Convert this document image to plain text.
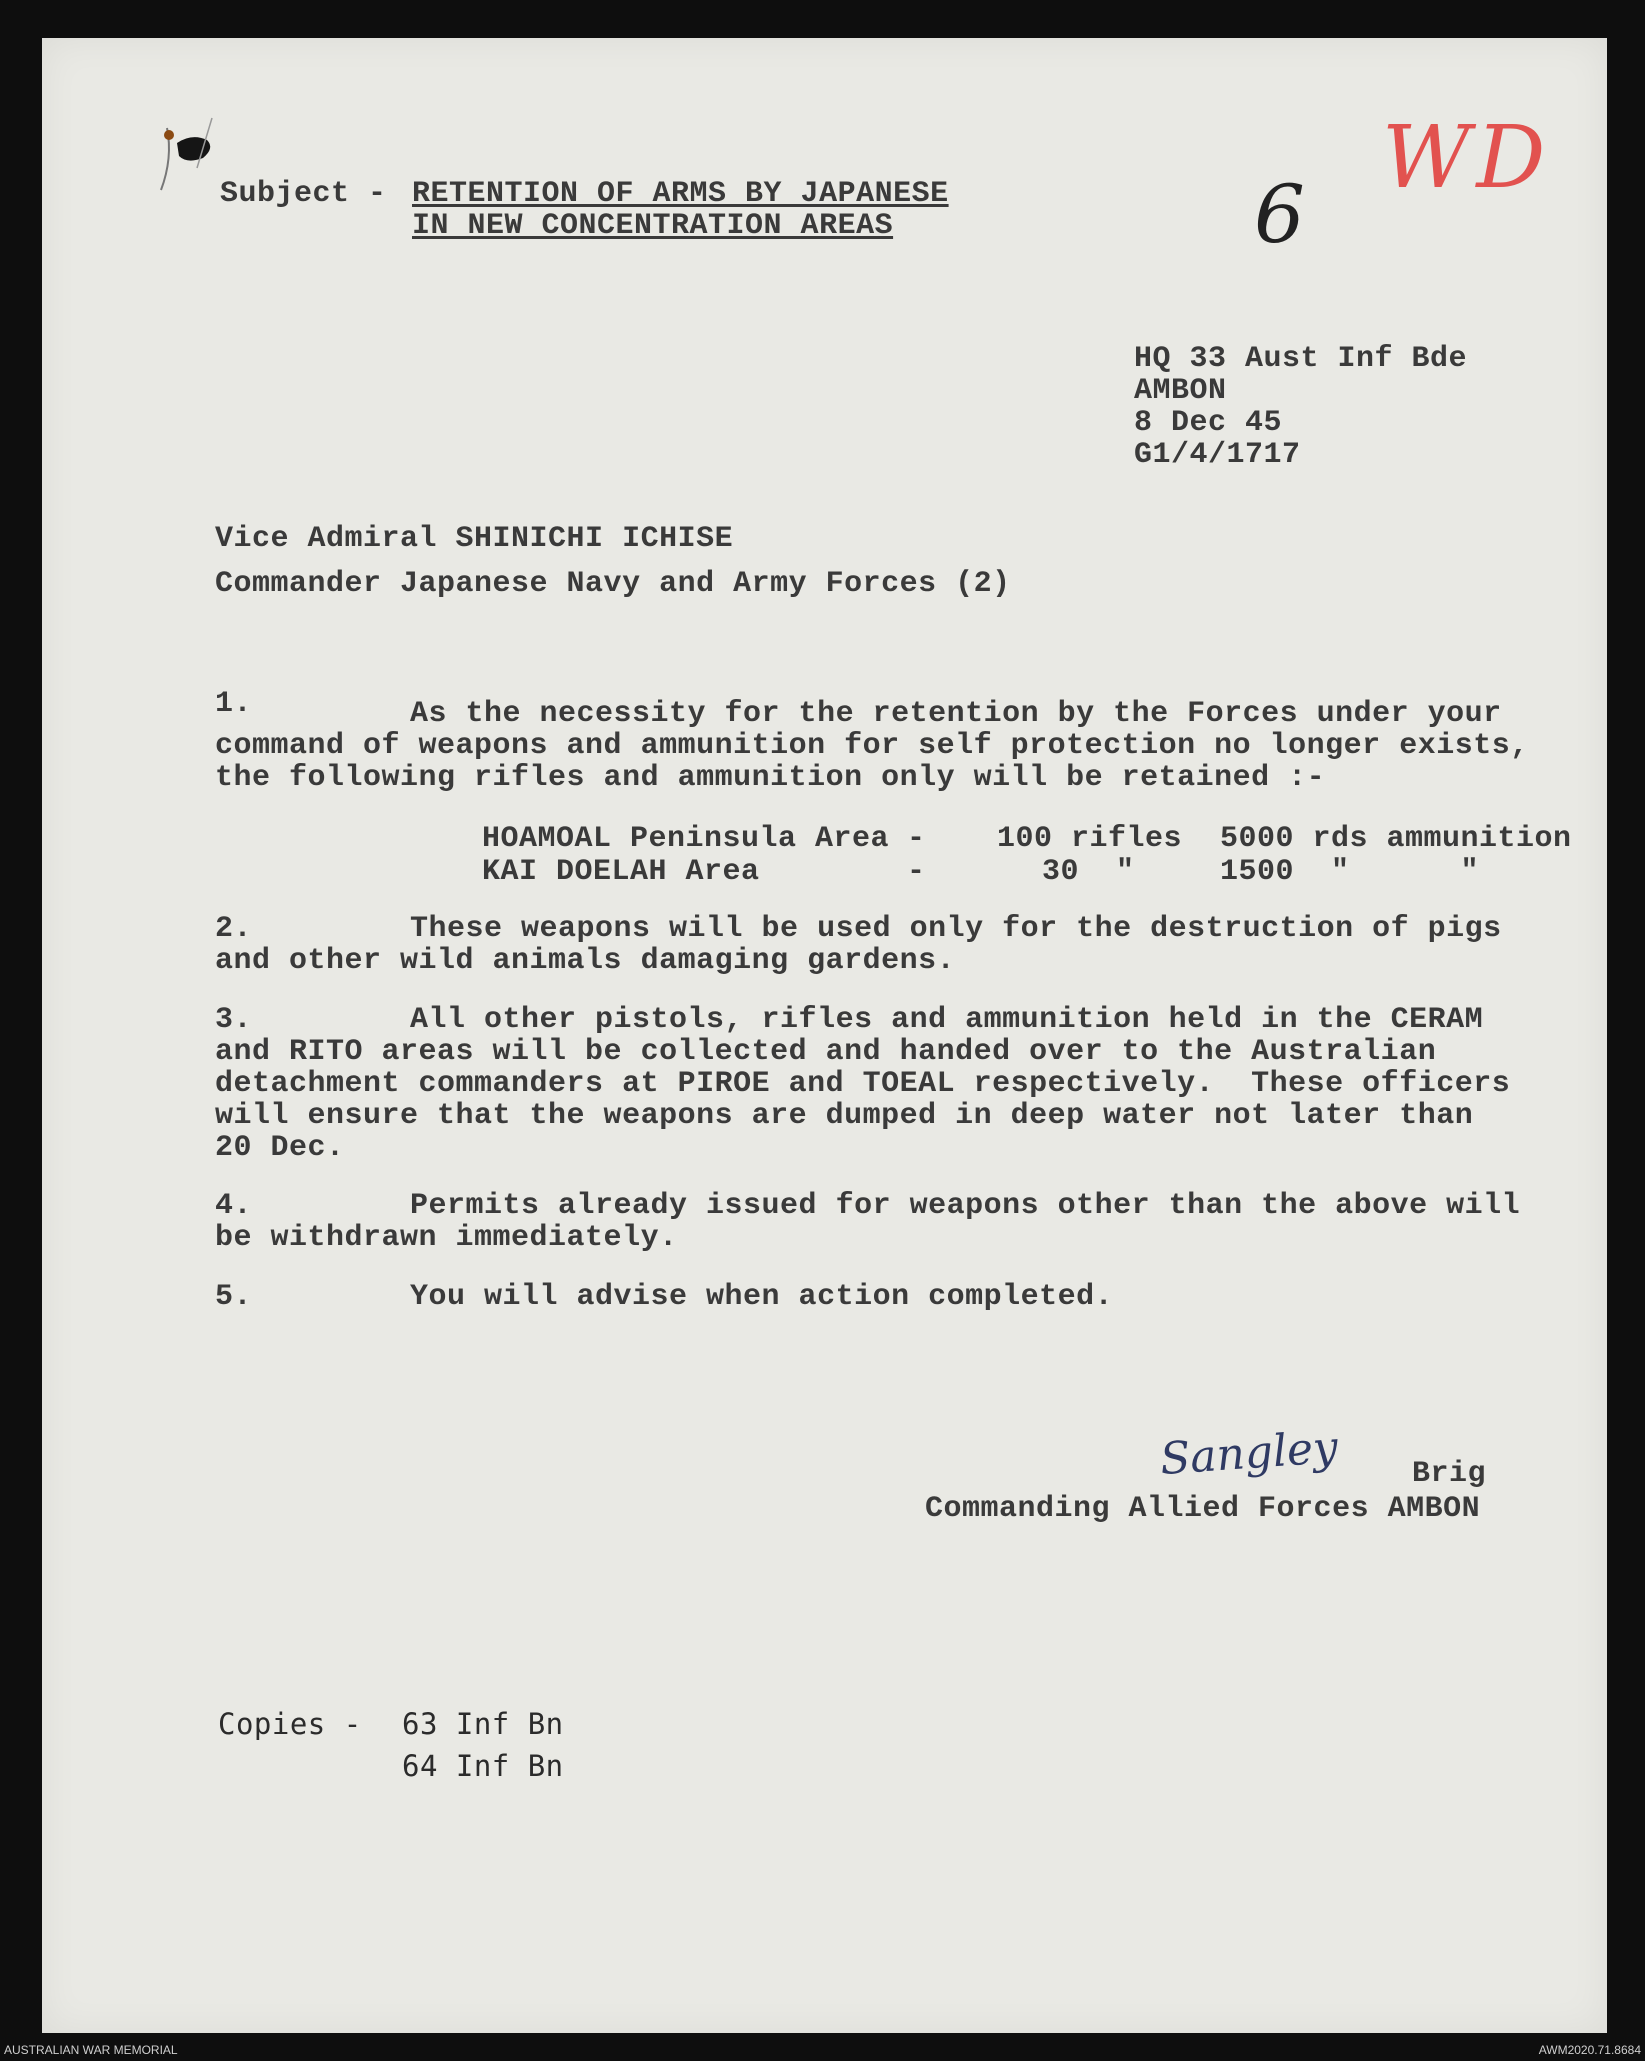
Subject - RETENTION OF ARMS BY JAPANESE
IN NEW CONCENTRATION AREAS	6
WD
HQ 33 Aust Inf Bde
AMBON
8 Dec 45
G1/4/1717
Vice Admiral SHINICHI ICHISE
Commander Japanese Navy and Army Forces (2)
1.	As the necessity for the retention by the Forces under your
command of weapons and ammunition for self protection no longer exists,
the following rifles and ammunition only will be retained :-
HOAMOAL Peninsula Area - 100 rifles 5000 rds ammunition
KAI DOELAH Area	-	30  "	1500  "      "
2.	These weapons will be used only for the destruction of pigs
and other wild animals damaging gardens.
3.	All other pistols, rifles and ammunition held in the CERAM
and RITO areas will be collected and handed over to the Australian
detachment commanders at PIROE and TOEAL respectively.  These officers
will ensure that the weapons are dumped in deep water not later than
20 Dec.
4.	Permits already issued for weapons other than the above will
be withdrawn immediately.
5.	You will advise when action completed.
Sangley Brig
Commanding Allied Forces AMBON
Copies - 63 Inf Bn
64 Inf Bn
AUSTRALIAN WAR MEMORIAL	AWM2020.71.8684
